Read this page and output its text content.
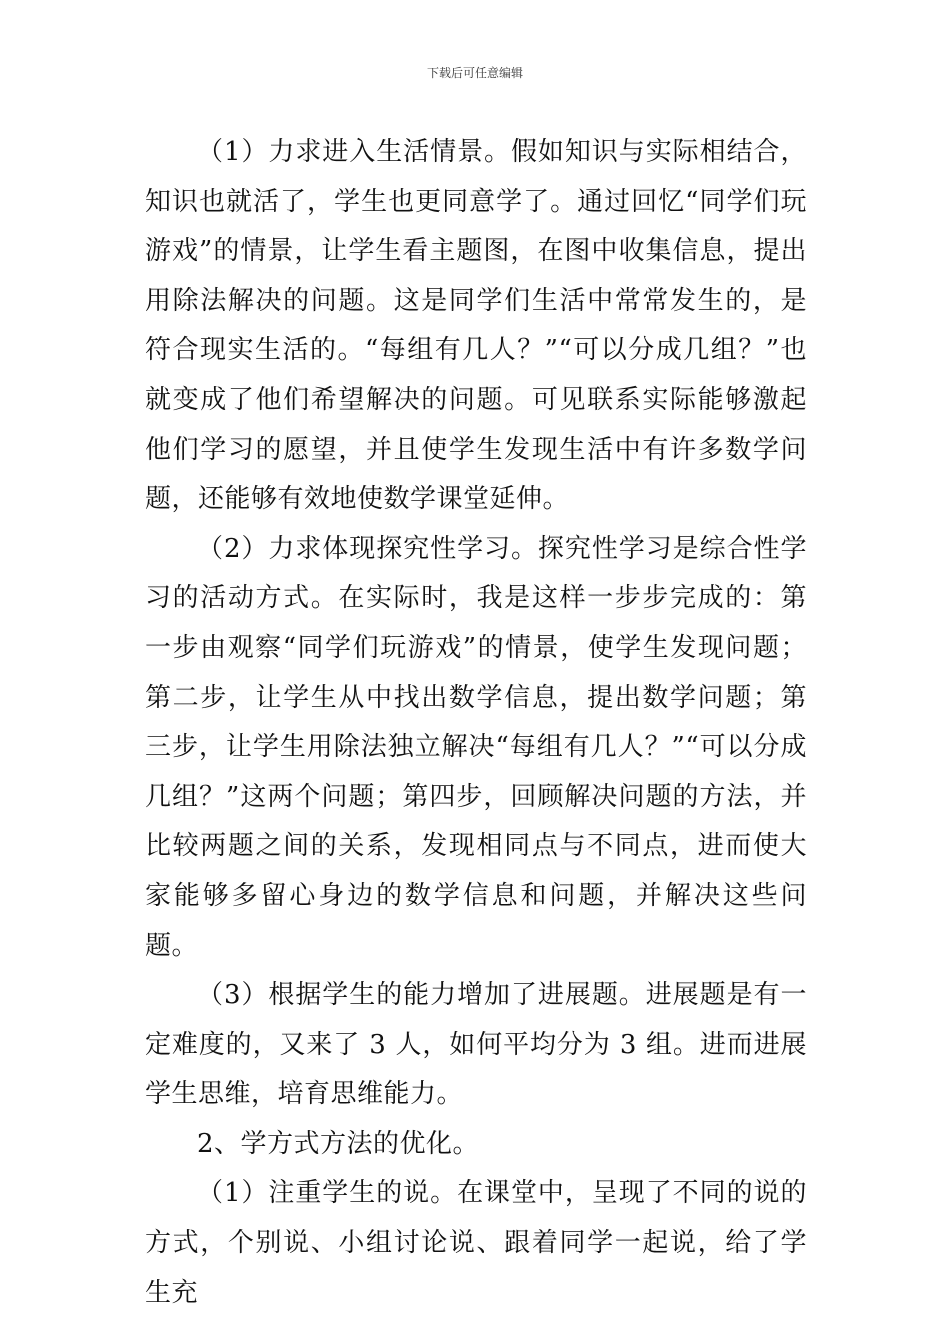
下载后可任意编辑

（1）力求进入生活情景。假如知识与实际相结合，知识也就活了，学生也更同意学了。通过回忆“同学们玩游戏”的情景，让学生看主题图，在图中收集信息，提出用除法解决的问题。这是同学们生活中常常发生的，是符合现实生活的。“每组有几人？”“可以分成几组？”也就变成了他们希望解决的问题。可见联系实际能够激起他们学习的愿望，并且使学生发现生活中有许多数学问题，还能够有效地使数学课堂延伸。

（2）力求体现探究性学习。探究性学习是综合性学习的活动方式。在实际时，我是这样一步步完成的：第一步由观察“同学们玩游戏”的情景，使学生发现问题；第二步，让学生从中找出数学信息，提出数学问题；第三步，让学生用除法独立解决“每组有几人？”“可以分成几组？”这两个问题；第四步，回顾解决问题的方法，并比较两题之间的关系，发现相同点与不同点，进而使大家能够多留心身边的数学信息和问题，并解决这些问题。

（3）根据学生的能力增加了进展题。进展题是有一定难度的，又来了 3 人，如何平均分为 3 组。进而进展学生思维，培育思维能力。

2、学方式方法的优化。

（1）注重学生的说。在课堂中，呈现了不同的说的方式，个别说、小组讨论说、跟着同学一起说，给了学生充
